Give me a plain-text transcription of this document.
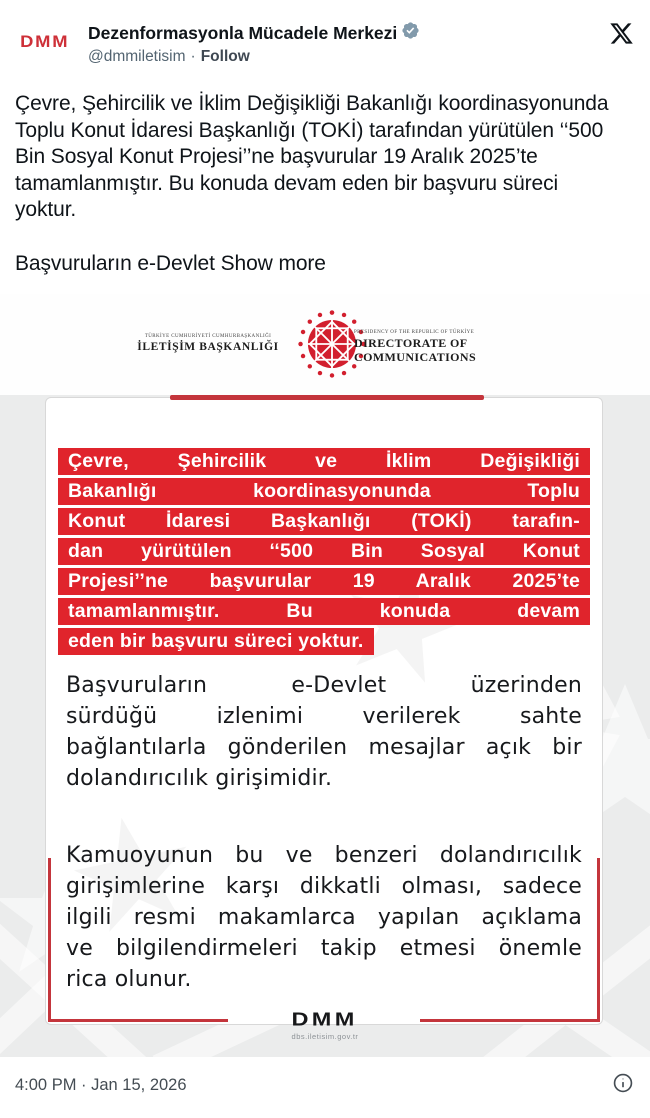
DMM Dezenformasyonla Mücadele Merkezi
@dmmiletisim · Follow

Çevre, Şehircilik ve İklim Değişikliği Bakanlığı koordinasyonunda Toplu Konut İdaresi Başkanlığı (TOKİ) tarafından yürütülen ‘‘500 Bin Sosyal Konut Projesi’’ne başvurular 19 Aralık 2025’te tamamlanmıştır. Bu konuda devam eden bir başvuru süreci yoktur.

Başvuruların e-Devlet Show more

TÜRKİYE CUMHURİYETİ CUMHURBAŞKANLIĞI
İLETİŞİM BAŞKANLIĞI
PRESIDENCY OF THE REPUBLIC OF TÜRKİYE
DIRECTORATE OF
COMMUNICATIONS
Çevre, Şehircilik ve İklim Değişikliği
Bakanlığı koordinasyonunda Toplu
Konut İdaresi Başkanlığı (TOKİ) tarafın-
dan yürütülen ‘‘500 Bin Sosyal Konut
Projesi’’ne başvurular 19 Aralık 2025’te
tamamlanmıştır. Bu konuda devam
eden bir başvuru süreci yoktur.
Başvuruların e-Devlet üzerinden
sürdüğü izlenimi verilerek sahte
bağlantılarla gönderilen mesajlar açık bir
dolandırıcılık girişimidir.
Kamuoyunun bu ve benzeri dolandırıcılık
girişimlerine karşı dikkatli olması, sadece
ilgili resmi makamlarca yapılan açıklama
ve bilgilendirmeleri takip etmesi önemle
rica olunur.
DMM
dbs.iletisim.gov.tr
4:00 PM · Jan 15, 2026
